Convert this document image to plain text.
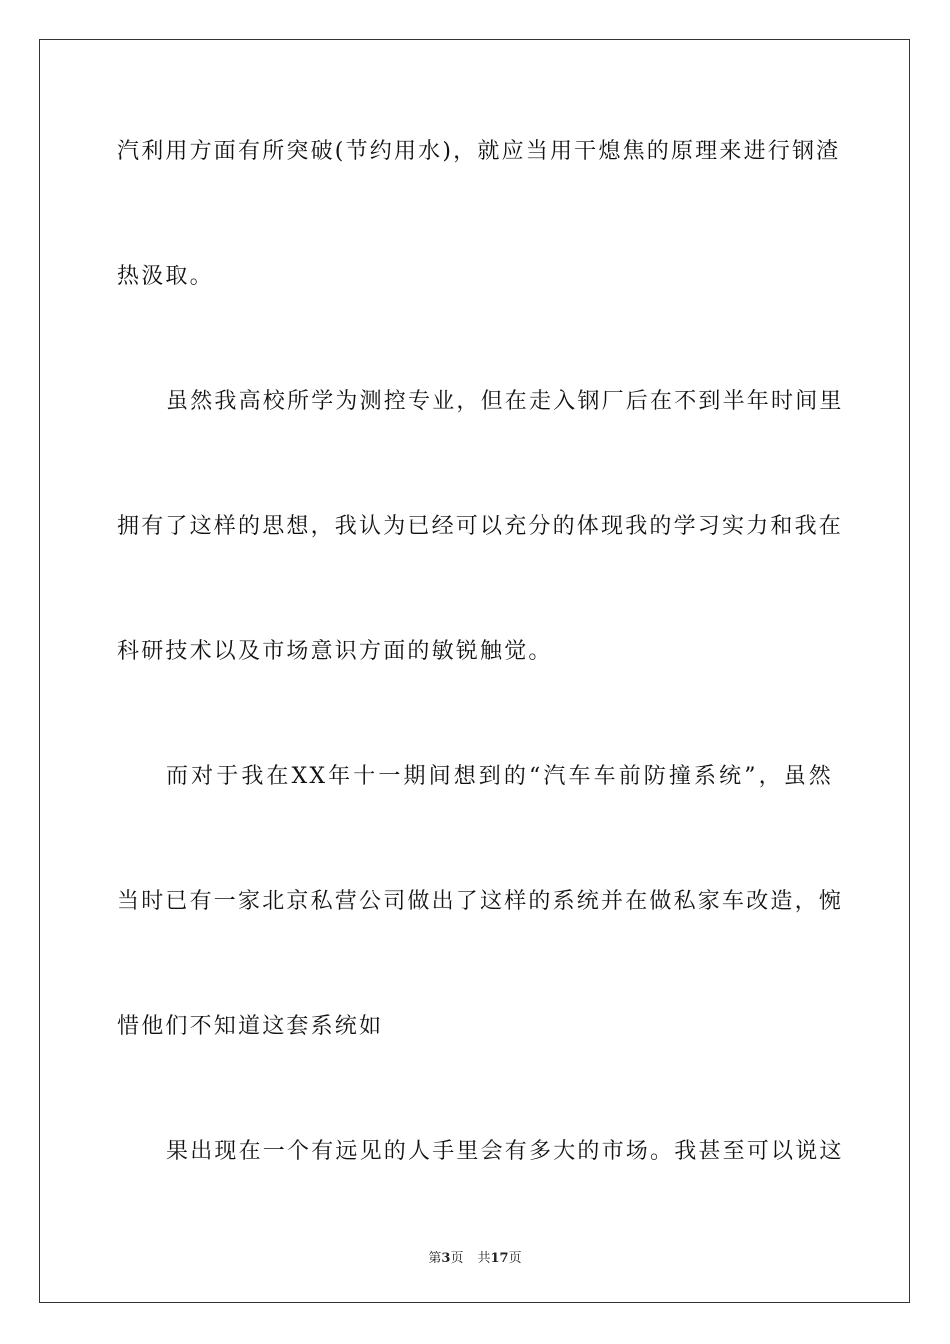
汽利用方面有所突破(节约用水)，就应当用干熄焦的原理来进行钢渣
热汲取。
虽然我高校所学为测控专业，但在走入钢厂后在不到半年时间里
拥有了这样的思想，我认为已经可以充分的体现我的学习实力和我在
科研技术以及市场意识方面的敏锐触觉。
而对于我在XX年十一期间想到的“汽车车前防撞系统”，虽然
当时已有一家北京私营公司做出了这样的系统并在做私家车改造，惋
惜他们不知道这套系统如
果出现在一个有远见的人手里会有多大的市场。我甚至可以说这
第3页 共17页
